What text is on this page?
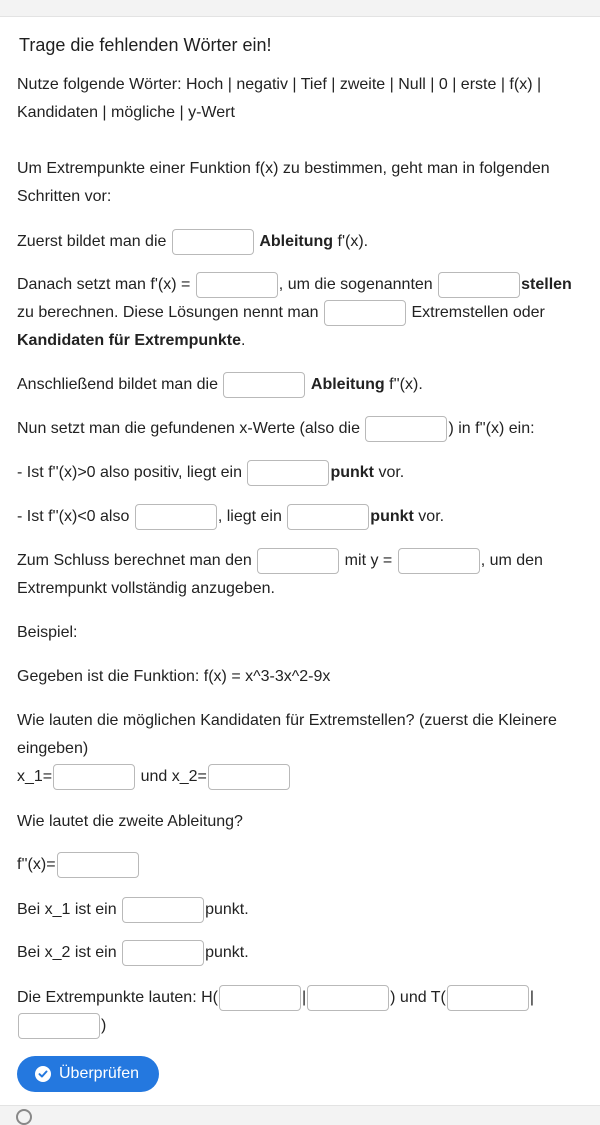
Trage die fehlenden Wörter ein!
Nutze folgende Wörter: Hoch | negativ | Tief | zweite | Null | 0 | erste | f(x) |
Kandidaten | mögliche | y-Wert
Um Extrempunkte einer Funktion f(x) zu bestimmen, geht man in folgenden
Schritten vor:
Zuerst bildet man die	Ableitung f'(x).
Danach setzt man f'(x) =	, um die sogenannten	stellen
zu berechnen. Diese Lösungen nennt man	Extremstellen oder
Kandidaten für Extrempunkte.
Anschließend bildet man die	Ableitung f''(x).
Nun setzt man die gefundenen x-Werte (also die	) in f''(x) ein:
- Ist f''(x)>0 also positiv, liegt ein	punkt vor.
- Ist f''(x)<0 also	, liegt ein	punkt vor.
Zum Schluss berechnet man den	mit y =	, um den
Extrempunkt vollständig anzugeben.
Beispiel:
Gegeben ist die Funktion: f(x) = x^3-3x^2-9x
Wie lauten die möglichen Kandidaten für Extremstellen? (zuerst die Kleinere
eingeben)
x_1=	und x_2=
Wie lautet die zweite Ableitung?
f''(x)=
Bei x_1 ist ein	punkt.
Bei x_2 ist ein	punkt.
Die Extrempunkte lauten: H(	|	) und T(	|
)
Überprüfen
